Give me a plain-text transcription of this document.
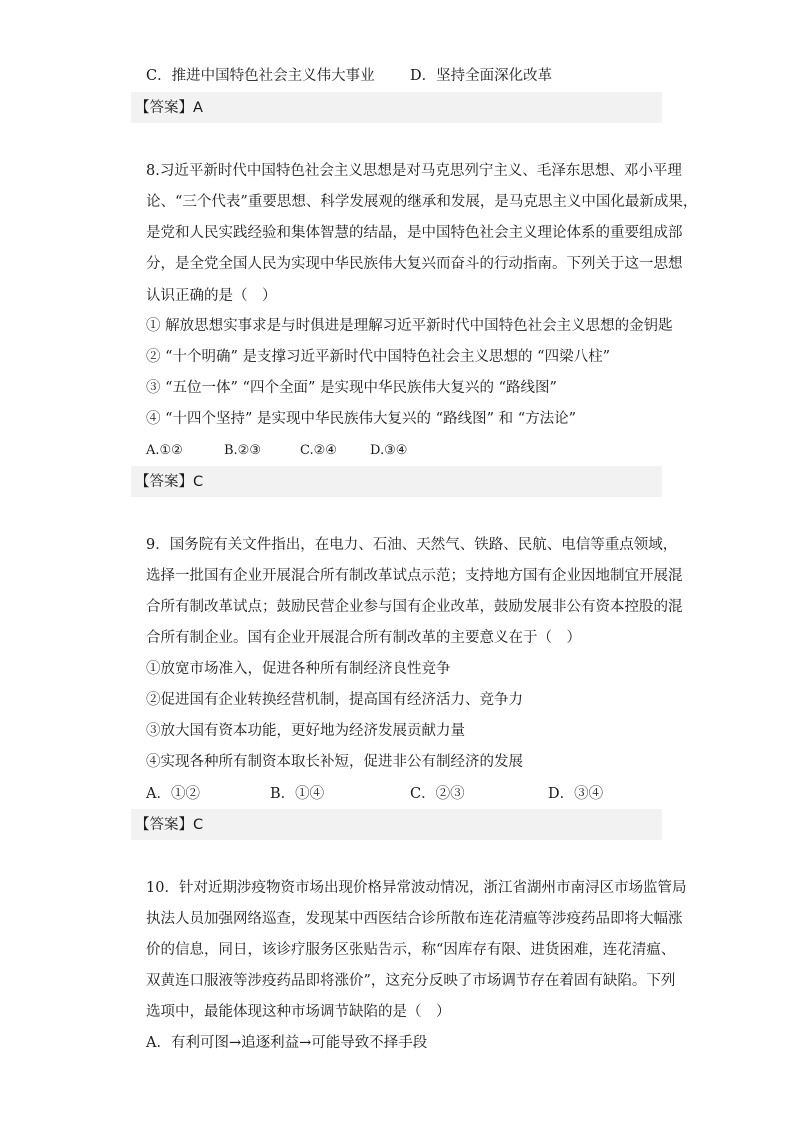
C．推进中国特色社会主义伟大事业 D．坚持全面深化改革
【答案】A
8.习近平新时代中国特色社会主义思想是对马克思列宁主义、毛泽东思想、邓小平理
论、“三个代表”重要思想、科学发展观的继承和发展，是马克思主义中国化最新成果，
是党和人民实践经验和集体智慧的结晶，是中国特色社会主义理论体系的重要组成部
分，是全党全国人民为实现中华民族伟大复兴而奋斗的行动指南。下列关于这一思想
认识正确的是（　）
① 解放思想实事求是与时俱进是理解习近平新时代中国特色社会主义思想的金钥匙
② “十个明确” 是支撑习近平新时代中国特色社会主义思想的 “四梁八柱”
③ “五位一体” “四个全面” 是实现中华民族伟大复兴的 “路线图”
④ “十四个坚持” 是实现中华民族伟大复兴的 “路线图” 和 “方法论”
A.①②	B.②③	C.②④	D.③④
【答案】C
9．国务院有关文件指出，在电力、石油、天然气、铁路、民航、电信等重点领域，
选择一批国有企业开展混合所有制改革试点示范；支持地方国有企业因地制宜开展混
合所有制改革试点；鼓励民营企业参与国有企业改革，鼓励发展非公有资本控股的混
合所有制企业。国有企业开展混合所有制改革的主要意义在于（　）
①放宽市场准入，促进各种所有制经济良性竞争
②促进国有企业转换经营机制，提高国有经济活力、竞争力
③放大国有资本功能，更好地为经济发展贡献力量
④实现各种所有制资本取长补短，促进非公有制经济的发展
A．①②	B．①④	C．②③	D．③④
【答案】C
10．针对近期涉疫物资市场出现价格异常波动情况，浙江省湖州市南浔区市场监管局
执法人员加强网络巡查，发现某中西医结合诊所散布连花清瘟等涉疫药品即将大幅涨
价的信息，同日，该诊疗服务区张贴告示，称“因库存有限、进货困难，连花清瘟、
双黄连口服液等涉疫药品即将涨价”，这充分反映了市场调节存在着固有缺陷。下列
选项中，最能体现这种市场调节缺陷的是（　）
A．有利可图→追逐利益→可能导致不择手段
